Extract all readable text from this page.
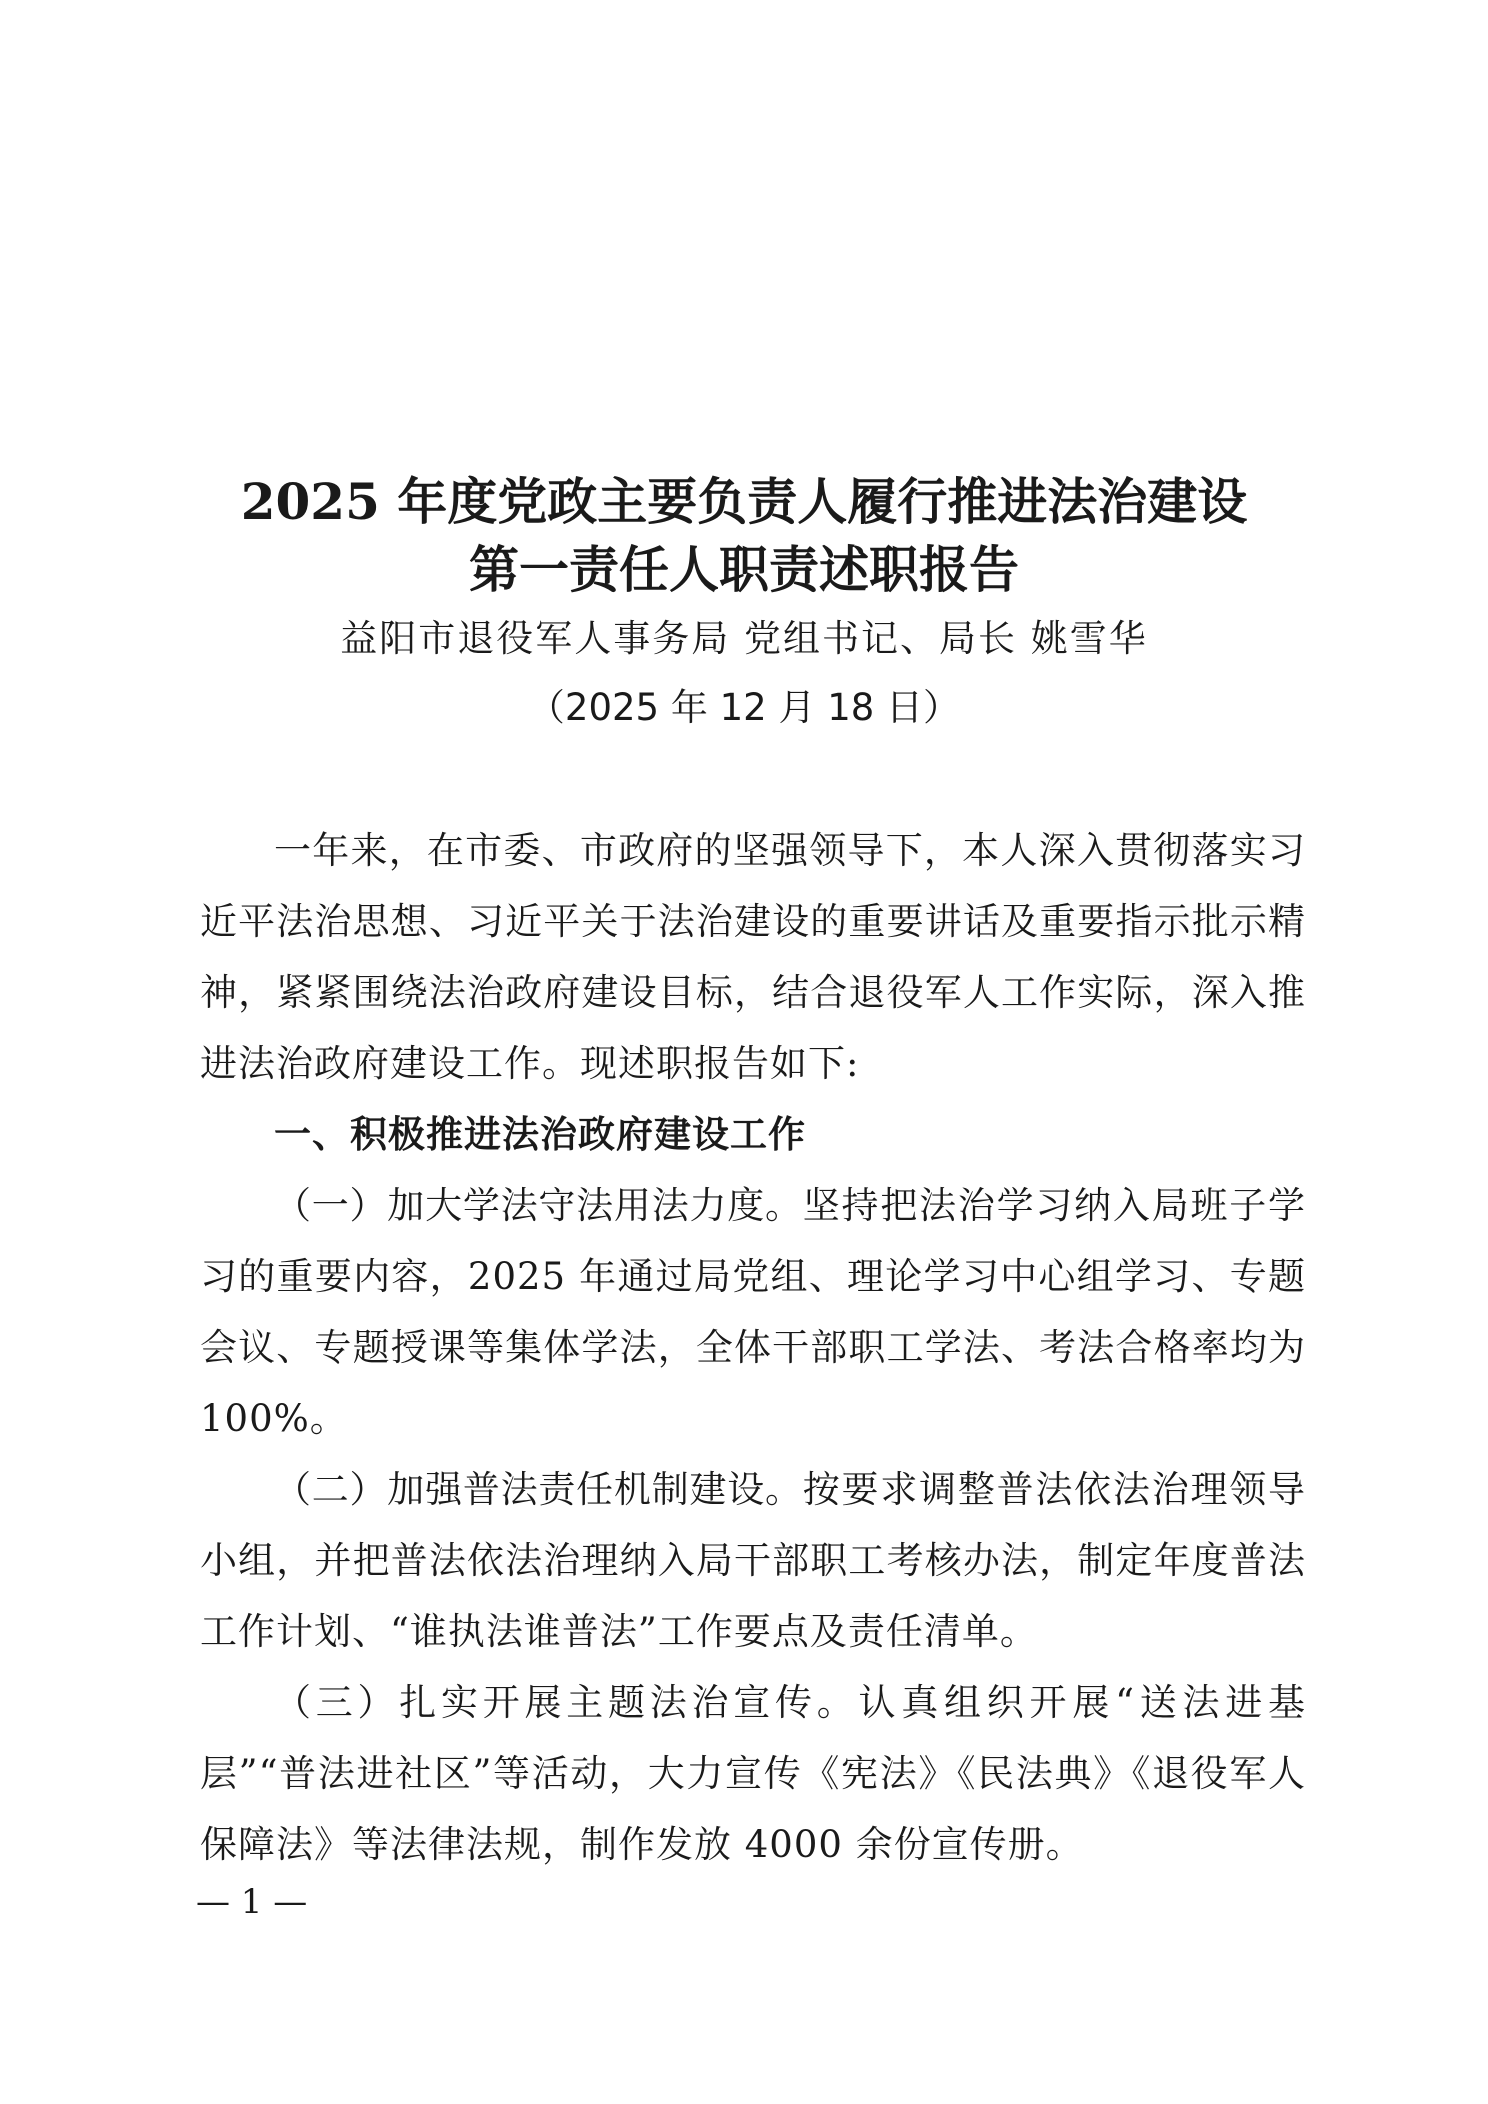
2025 年度党政主要负责人履行推进法治建设
第一责任人职责述职报告
益阳市退役军人事务局 党组书记、局长 姚雪华
（2025 年 12 月 18 日）

一年来，在市委、市政府的坚强领导下，本人深入贯彻落实习近平法治思想、习近平关于法治建设的重要讲话及重要指示批示精神，紧紧围绕法治政府建设目标，结合退役军人工作实际，深入推进法治政府建设工作。现述职报告如下:

一、积极推进法治政府建设工作

（一）加大学法守法用法力度。坚持把法治学习纳入局班子学习的重要内容，2025 年通过局党组、理论学习中心组学习、专题会议、专题授课等集体学法，全体干部职工学法、考法合格率均为 100%。

（二）加强普法责任机制建设。按要求调整普法依法治理领导小组，并把普法依法治理纳入局干部职工考核办法，制定年度普法工作计划、“谁执法谁普法”工作要点及责任清单。

（三）扎实开展主题法治宣传。认真组织开展“送法进基层”“普法进社区”等活动，大力宣传《宪法》《民法典》《退役军人保障法》等法律法规，制作发放 4000 余份宣传册。

— 1 —
